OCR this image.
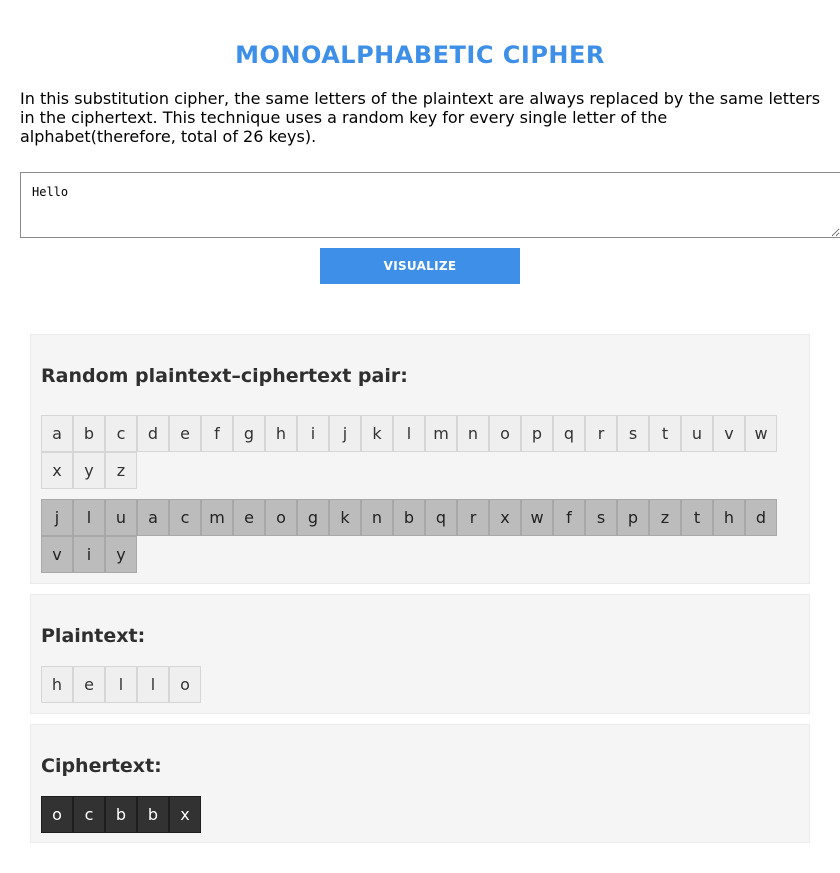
MONOALPHABETIC CIPHER

In this substitution cipher, the same letters of the plaintext are always replaced by the same letters in the ciphertext. This technique uses a random key for every single letter of the alphabet(therefore, total of 26 keys).

Hello
VISUALIZE
Random plaintext–ciphertext pair:
a	b	c	d	e	f	g	h	i	j	k	l	m	n	o	p	q	r	s	t	u	v	w
x	y	z
j	l	u	a	c	m	e	o	g	k	n	b	q	r	x	w	f	s	p	z	t	h	d
v	i	y
Plaintext:
h	e	l	l	o
Ciphertext:
o	c	b	b	x
